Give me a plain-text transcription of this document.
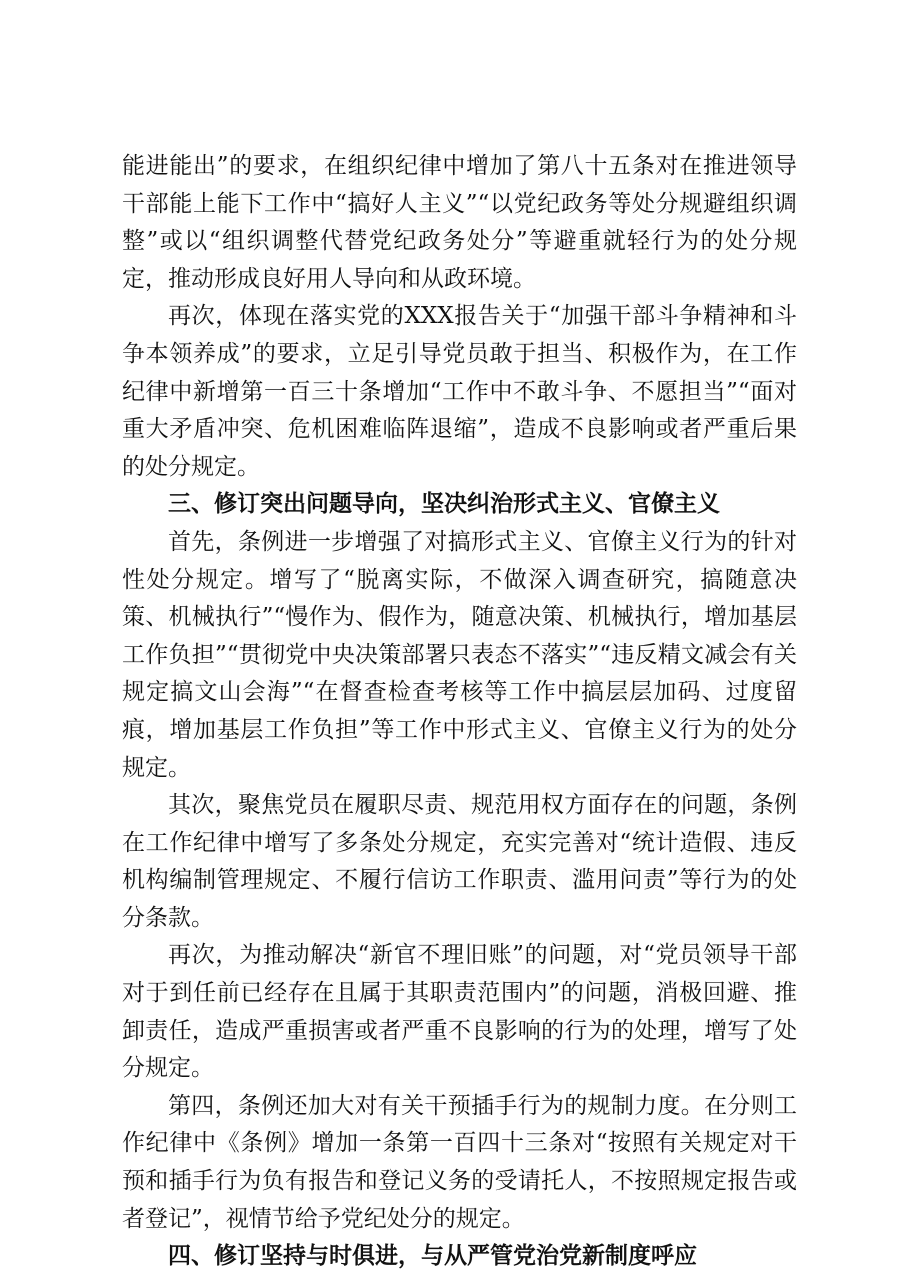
能进能出”的要求，在组织纪律中增加了第八十五条对在推进领导干部能上能下工作中“搞好人主义”“以党纪政务等处分规避组织调整”或以“组织调整代替党纪政务处分”等避重就轻行为的处分规定，推动形成良好用人导向和从政环境。

再次，体现在落实党的XXX报告关于“加强干部斗争精神和斗争本领养成”的要求，立足引导党员敢于担当、积极作为，在工作纪律中新增第一百三十条增加“工作中不敢斗争、不愿担当”“面对重大矛盾冲突、危机困难临阵退缩”，造成不良影响或者严重后果的处分规定。

三、修订突出问题导向，坚决纠治形式主义、官僚主义

首先，条例进一步增强了对搞形式主义、官僚主义行为的针对性处分规定。增写了“脱离实际，不做深入调查研究，搞随意决策、机械执行”“慢作为、假作为，随意决策、机械执行，增加基层工作负担”“贯彻党中央决策部署只表态不落实”“违反精文减会有关规定搞文山会海”“在督查检查考核等工作中搞层层加码、过度留痕，增加基层工作负担”等工作中形式主义、官僚主义行为的处分规定。

其次，聚焦党员在履职尽责、规范用权方面存在的问题，条例在工作纪律中增写了多条处分规定，充实完善对“统计造假、违反机构编制管理规定、不履行信访工作职责、滥用问责”等行为的处分条款。

再次，为推动解决“新官不理旧账”的问题，对“党员领导干部对于到任前已经存在且属于其职责范围内”的问题，消极回避、推卸责任，造成严重损害或者严重不良影响的行为的处理，增写了处分规定。

第四，条例还加大对有关干预插手行为的规制力度。在分则工作纪律中《条例》增加一条第一百四十三条对“按照有关规定对干预和插手行为负有报告和登记义务的受请托人，不按照规定报告或者登记”，视情节给予党纪处分的规定。

四、修订坚持与时俱进，与从严管党治党新制度呼应
